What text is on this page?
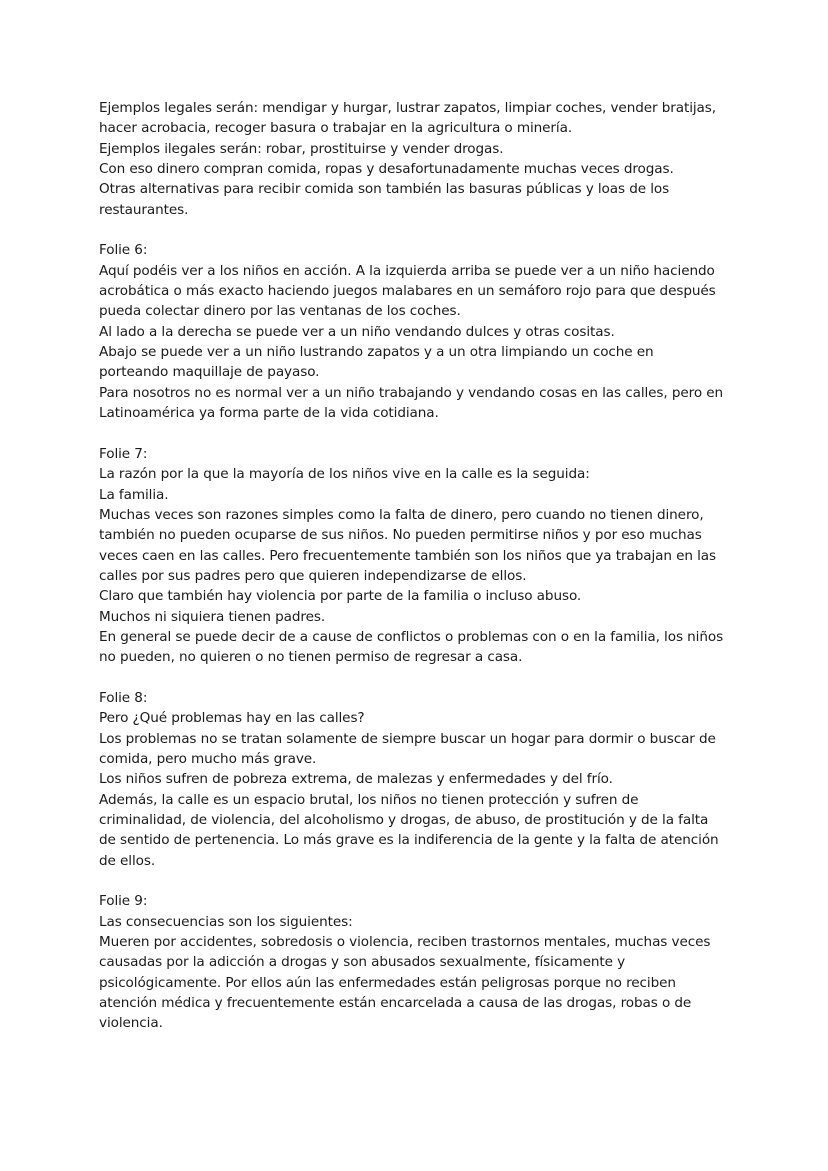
Ejemplos legales serán: mendigar y hurgar, lustrar zapatos, limpiar coches, vender bratijas,

hacer acrobacia, recoger basura o trabajar en la agricultura o minería.

Ejemplos ilegales serán: robar, prostituirse y vender drogas.

Con eso dinero compran comida, ropas y desafortunadamente muchas veces drogas.

Otras alternativas para recibir comida son también las basuras públicas y loas de los

restaurantes.

Folie 6:

Aquí podéis ver a los niños en acción. A la izquierda arriba se puede ver a un niño haciendo

acrobática o más exacto haciendo juegos malabares en un semáforo rojo para que después

pueda colectar dinero por las ventanas de los coches.

Al lado a la derecha se puede ver a un niño vendando dulces y otras cositas.

Abajo se puede ver a un niño lustrando zapatos y a un otra limpiando un coche en

porteando maquillaje de payaso.

Para nosotros no es normal ver a un niño trabajando y vendando cosas en las calles, pero en

Latinoamérica ya forma parte de la vida cotidiana.

Folie 7:

La razón por la que la mayoría de los niños vive en la calle es la seguida:

La familia.

Muchas veces son razones simples como la falta de dinero, pero cuando no tienen dinero,

también no pueden ocuparse de sus niños. No pueden permitirse niños y por eso muchas

veces caen en las calles. Pero frecuentemente también son los niños que ya trabajan en las

calles por sus padres pero que quieren independizarse de ellos.

Claro que también hay violencia por parte de la familia o incluso abuso.

Muchos ni siquiera tienen padres.

En general se puede decir de a cause de conflictos o problemas con o en la familia, los niños

no pueden, no quieren o no tienen permiso de regresar a casa.

Folie 8:

Pero ¿Qué problemas hay en las calles?

Los problemas no se tratan solamente de siempre buscar un hogar para dormir o buscar de

comida, pero mucho más grave.

Los niños sufren de pobreza extrema, de malezas y enfermedades y del frío.

Además, la calle es un espacio brutal, los niños no tienen protección y sufren de

criminalidad, de violencia, del alcoholismo y drogas, de abuso, de prostitución y de la falta

de sentido de pertenencia. Lo más grave es la indiferencia de la gente y la falta de atención

de ellos.

Folie 9:

Las consecuencias son los siguientes:

Mueren por accidentes, sobredosis o violencia, reciben trastornos mentales, muchas veces

causadas por la adicción a drogas y son abusados sexualmente, físicamente y

psicológicamente. Por ellos aún las enfermedades están peligrosas porque no reciben

atención médica y frecuentemente están encarcelada a causa de las drogas, robas o de

violencia.
